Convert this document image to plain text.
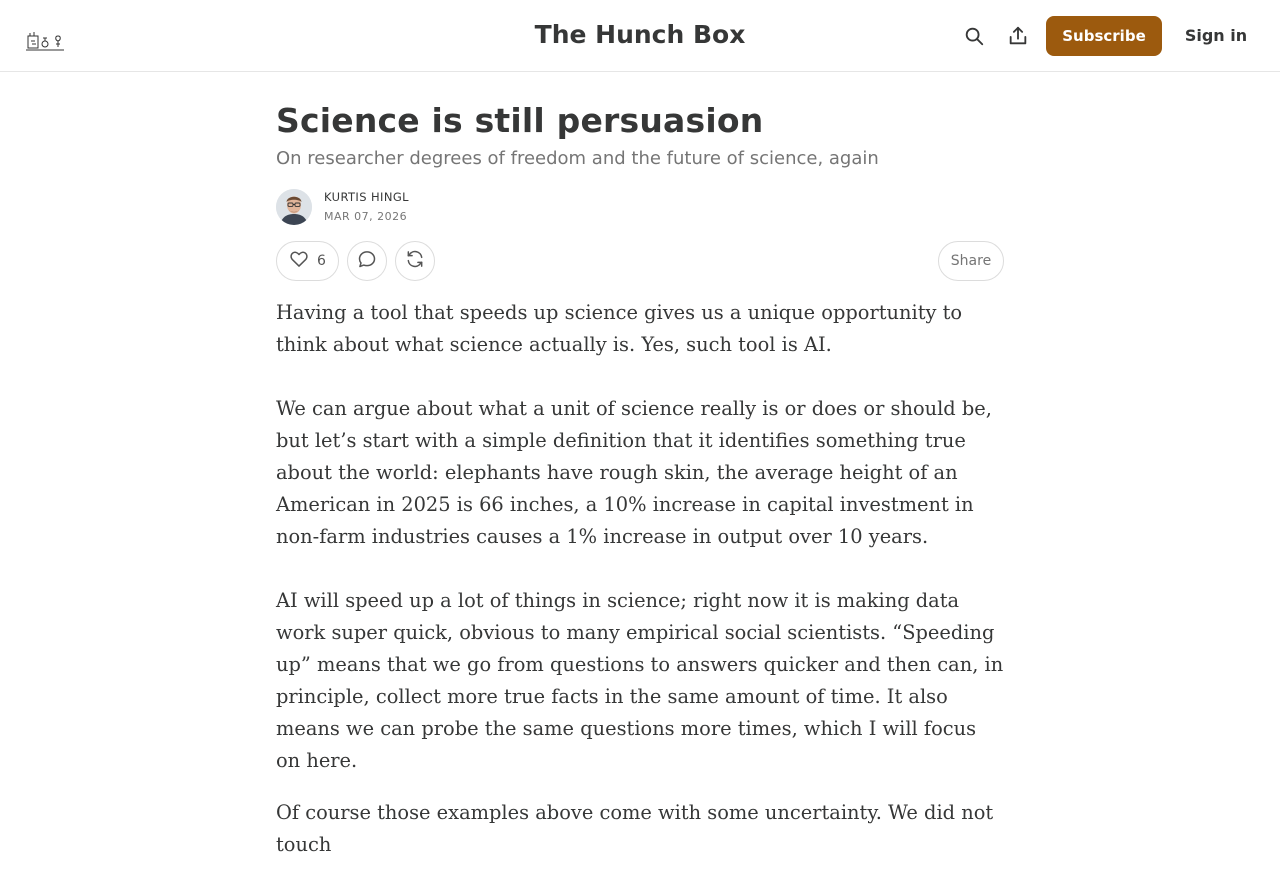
The Hunch Box	Subscribe	Sign in
Science is still persuasion
On researcher degrees of freedom and the future of science, again
KURTIS HINGL
MAR 07, 2026
6	Share

Having a tool that speeds up science gives us a unique opportunity to think about what science actually is. Yes, such tool is AI.

We can argue about what a unit of science really is or does or should be, but let’s start with a simple definition that it identifies something true about the world: elephants have rough skin, the average height of an American in 2025 is 66 inches, a 10% increase in capital investment in non-farm industries causes a 1% increase in output over 10 years.

AI will speed up a lot of things in science; right now it is making data work super quick, obvious to many empirical social scientists. “Speeding up” means that we go from questions to answers quicker and then can, in principle, collect more true facts in the same amount of time. It also means we can probe the same questions more times, which I will focus on here.

Of course those examples above come with some uncertainty. We did not touch
